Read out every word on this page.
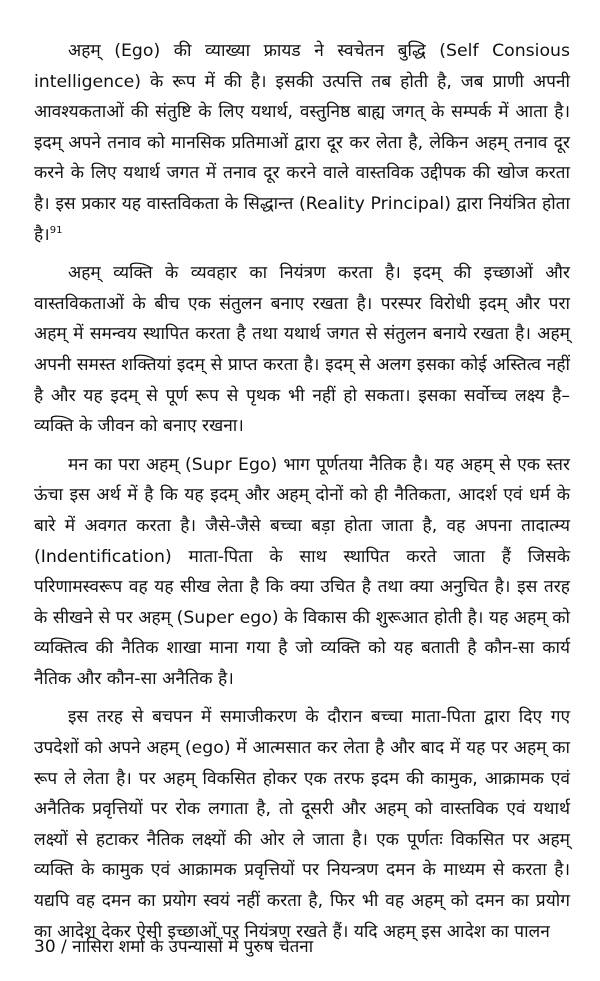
अहम् (Ego) की व्याख्या फ्रायड ने स्वचेतन बुद्धि (Self Consious intelligence) के रूप में की है। इसकी उत्पत्ति तब होती है, जब प्राणी अपनी आवश्यकताओं की संतुष्टि के लिए यथार्थ, वस्तुनिष्ठ बाह्य जगत् के सम्पर्क में आता है। इदम् अपने तनाव को मानसिक प्रतिमाओं द्वारा दूर कर लेता है, लेकिन अहम् तनाव दूर करने के लिए यथार्थ जगत में तनाव दूर करने वाले वास्तविक उद्दीपक की खोज करता है। इस प्रकार यह वास्तविकता के सिद्धान्त (Reality Principal) द्वारा नियंत्रित होता है।$^{91}$

अहम् व्यक्ति के व्यवहार का नियंत्रण करता है। इदम् की इच्छाओं और वास्तविकताओं के बीच एक संतुलन बनाए रखता है। परस्पर विरोधी इदम् और परा अहम् में समन्वय स्थापित करता है तथा यथार्थ जगत से संतुलन बनाये रखता है। अहम् अपनी समस्त शक्तियां इदम् से प्राप्त करता है। इदम् से अलग इसका कोई अस्तित्व नहीं है और यह इदम् से पूर्ण रूप से पृथक भी नहीं हो सकता। इसका सर्वोच्च लक्ष्य है–व्यक्ति के जीवन को बनाए रखना।

मन का परा अहम् (Supr Ego) भाग पूर्णतया नैतिक है। यह अहम् से एक स्तर ऊंचा इस अर्थ में है कि यह इदम् और अहम् दोनों को ही नैतिकता, आदर्श एवं धर्म के बारे में अवगत करता है। जैसे-जैसे बच्चा बड़ा होता जाता है, वह अपना तादात्म्य (Indentification) माता-पिता के साथ स्थापित करते जाता हैं जिसके परिणामस्वरूप वह यह सीख लेता है कि क्या उचित है तथा क्या अनुचित है। इस तरह के सीखने से पर अहम् (Super ego) के विकास की शुरूआत होती है। यह अहम् को व्यक्तित्व की नैतिक शाखा माना गया है जो व्यक्ति को यह बताती है कौन-सा कार्य नैतिक और कौन-सा अनैतिक है।

इस तरह से बचपन में समाजीकरण के दौरान बच्चा माता-पिता द्वारा दिए गए उपदेशों को अपने अहम् (ego) में आत्मसात कर लेता है और बाद में यह पर अहम् का रूप ले लेता है। पर अहम् विकसित होकर एक तरफ इदम की कामुक, आक्रामक एवं अनैतिक प्रवृत्तियों पर रोक लगाता है, तो दूसरी और अहम् को वास्तविक एवं यथार्थ लक्ष्यों से हटाकर नैतिक लक्ष्यों की ओर ले जाता है। एक पूर्णतः विकसित पर अहम् व्यक्ति के कामुक एवं आक्रामक प्रवृत्तियों पर नियन्त्रण दमन के माध्यम से करता है। यद्यपि वह दमन का प्रयोग स्वयं नहीं करता है, फिर भी वह अहम् को दमन का प्रयोग का आदेश देकर ऐसी इच्छाओं पर नियंत्रण रखते हैं। यदि अहम् इस आदेश का पालन

30 / नासिरा शर्मा के उपन्यासों में पुरुष चेतना
